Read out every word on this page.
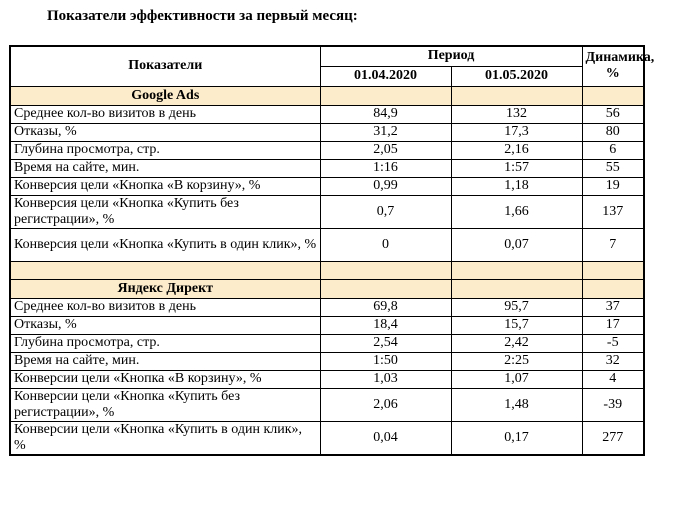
Показатели эффективности за первый месяц:
Показатели	Период		Динамика, %
	01.04.2020	01.05.2020	
Google Ads			
Среднее кол-во визитов в день	84,9	132	56
Отказы, %	31,2	17,3	80
Глубина просмотра, стр.	2,05	2,16	6
Время на сайте, мин.	1:16	1:57	55
Конверсия цели «Кнопка «В корзину», %	0,99	1,18	19
Конверсия цели «Кнопка «Купить без регистрации», %	0,7	1,66	137
Конверсия цели «Кнопка «Купить в один клик», %	0	0,07	7

Яндекс Директ			
Среднее кол-во визитов в день	69,8	95,7	37
Отказы, %	18,4	15,7	17
Глубина просмотра, стр.	2,54	2,42	-5
Время на сайте, мин.	1:50	2:25	32
Конверсии цели «Кнопка «В корзину», %	1,03	1,07	4
Конверсии цели «Кнопка «Купить без регистрации», %	2,06	1,48	-39
Конверсии цели «Кнопка «Купить в один клик», %	0,04	0,17	277
